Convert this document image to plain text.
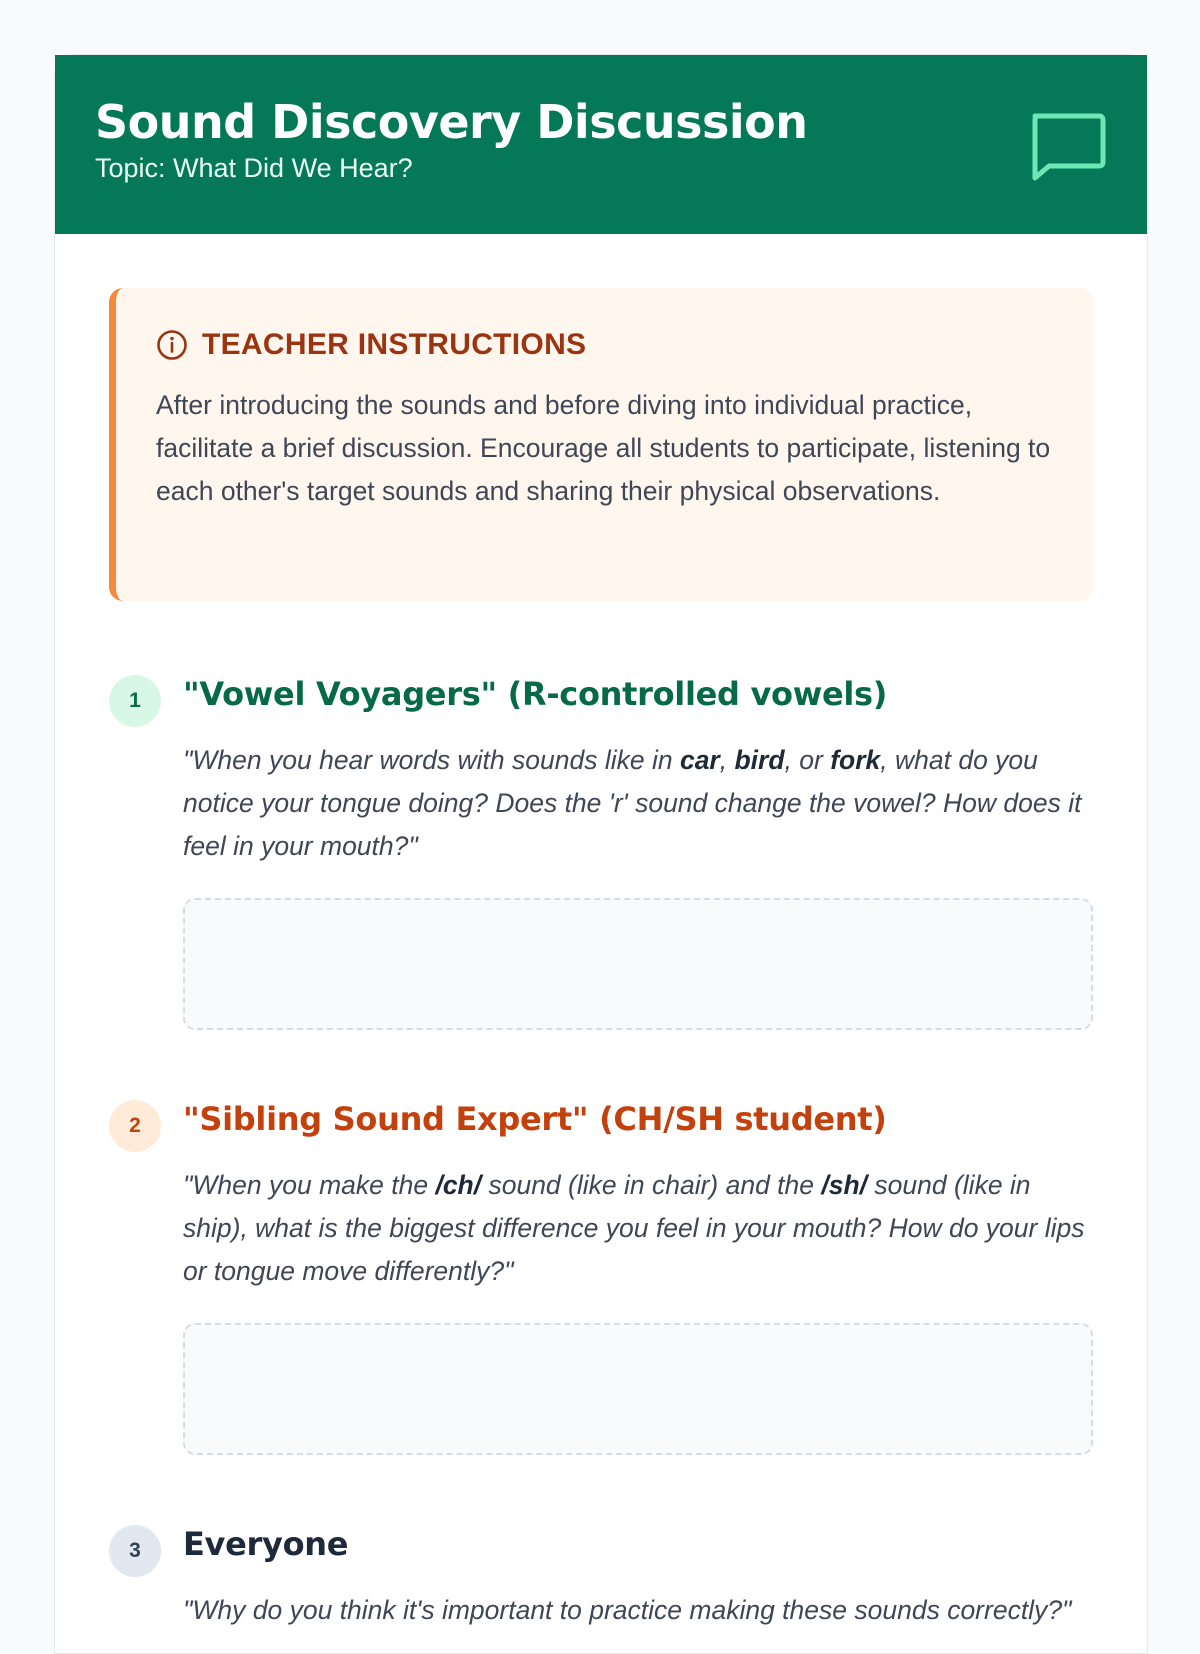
Sound Discovery Discussion
Topic: What Did We Hear?
TEACHER INSTRUCTIONS

After introducing the sounds and before diving into individual practice, facilitate a brief discussion. Encourage all students to participate, listening to each other's target sounds and sharing their physical observations.

1	"Vowel Voyagers" (R-controlled vowels)

"When you hear words with sounds like in car, bird, or fork, what do you notice your tongue doing? Does the 'r' sound change the vowel? How does it feel in your mouth?"

2	"Sibling Sound Expert" (CH/SH student)

"When you make the /ch/ sound (like in chair) and the /sh/ sound (like in ship), what is the biggest difference you feel in your mouth? How do your lips or tongue move differently?"

3	Everyone

"Why do you think it's important to practice making these sounds correctly?"
